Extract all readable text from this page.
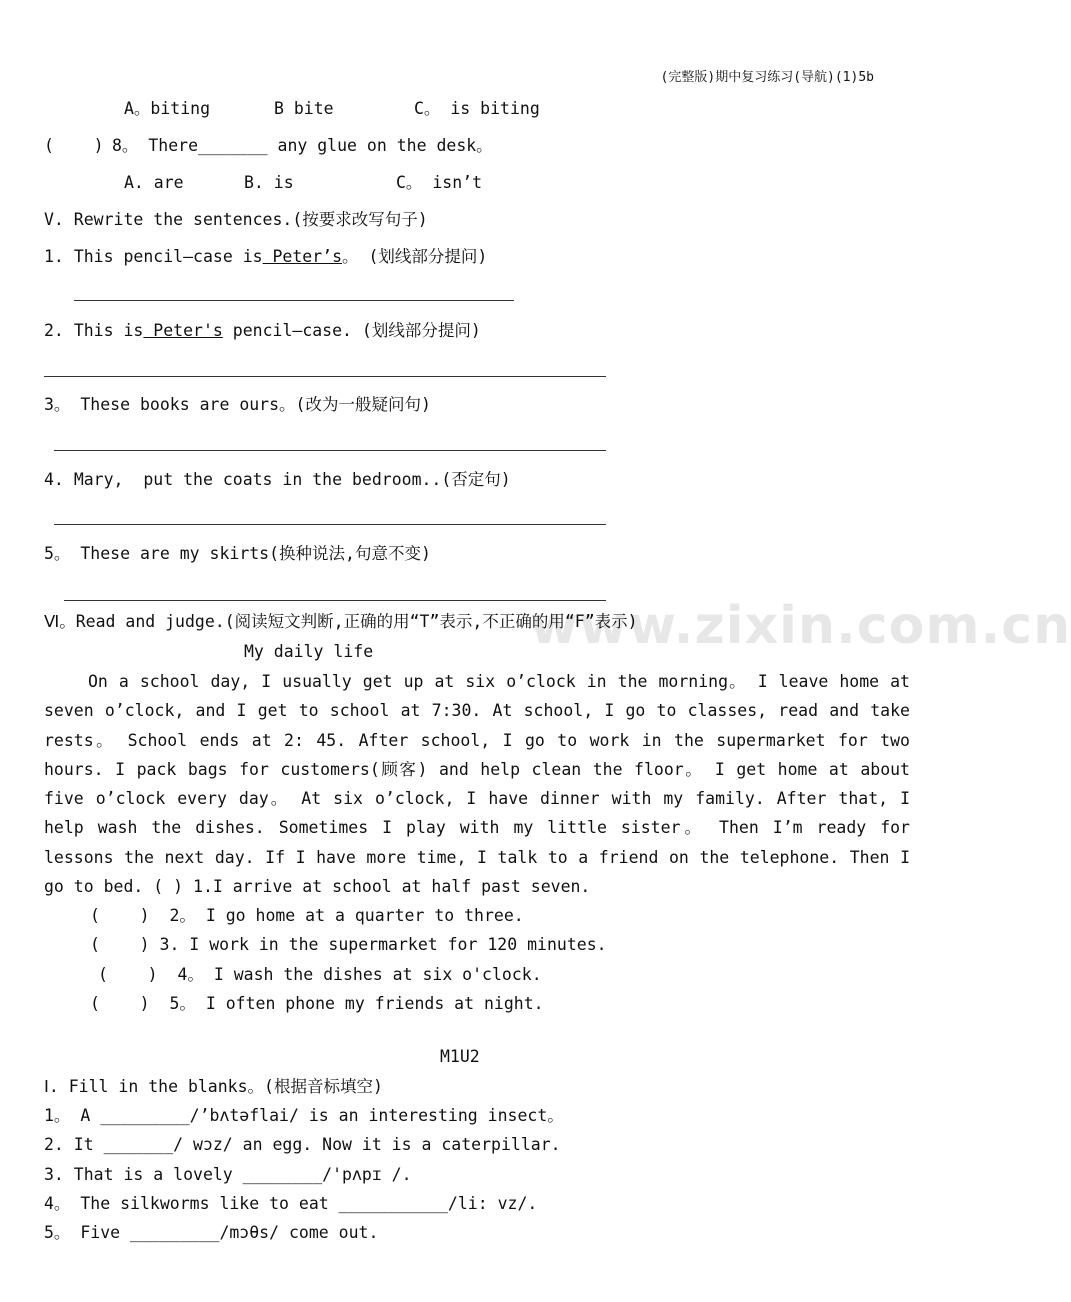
(完整版)期中复习练习(导航)(1)5b
www.zixin.com.cn
A。biting	B bite	C。 is biting
(    ) 8。 There_______ any glue on the desk。
A. are	B. is	C。 isn’t
V. Rewrite the sentences.(按要求改写句子)
1. This pencil—case is Peter’s。 (划线部分提问)
2. This is Peter's pencil—case. (划线部分提问)
3。 These books are ours。(改为一般疑问句)
4. Mary,  put the coats in the bedroom..(否定句)
5。 These are my skirts(换种说法,句意不变)
Ⅵ。Read and judge.(阅读短文判断,正确的用“T”表示,不正确的用“F”表示)
My daily life
On a school day, I usually get up at six o’clock in the morning。 I leave home at seven o’clock, and I get to school at 7:30. At school, I go to classes, read and take rests。 School ends at 2: 45. After school, I go to work in the supermarket for two hours. I pack bags for customers(顾客) and help clean the floor。 I get home at about five o’clock every day。 At six o’clock, I have dinner with my family. After that, I help wash the dishes. Sometimes I play with my little sister。 Then I’m ready for lessons the next day. If I have more time, I talk to a friend on the telephone. Then I go to bed. ( ) 1.I arrive at school at half past seven.
(    )  2。 I go home at a quarter to three.
(    ) 3. I work in the supermarket for 120 minutes.
(    )  4。 I wash the dishes at six o'clock.
(    )  5。 I often phone my friends at night.
M1U2
Ⅰ. Fill in the blanks。(根据音标填空)
1。 A _________/’bʌtəflai/ is an interesting insect。
2. It _______/ wɔz/ an egg. Now it is a caterpillar.
3. That is a lovely ________/'pʌpɪ /.
4。 The silkworms like to eat ___________/li: vz/.
5。 Five _________/mɔθs/ come out.
